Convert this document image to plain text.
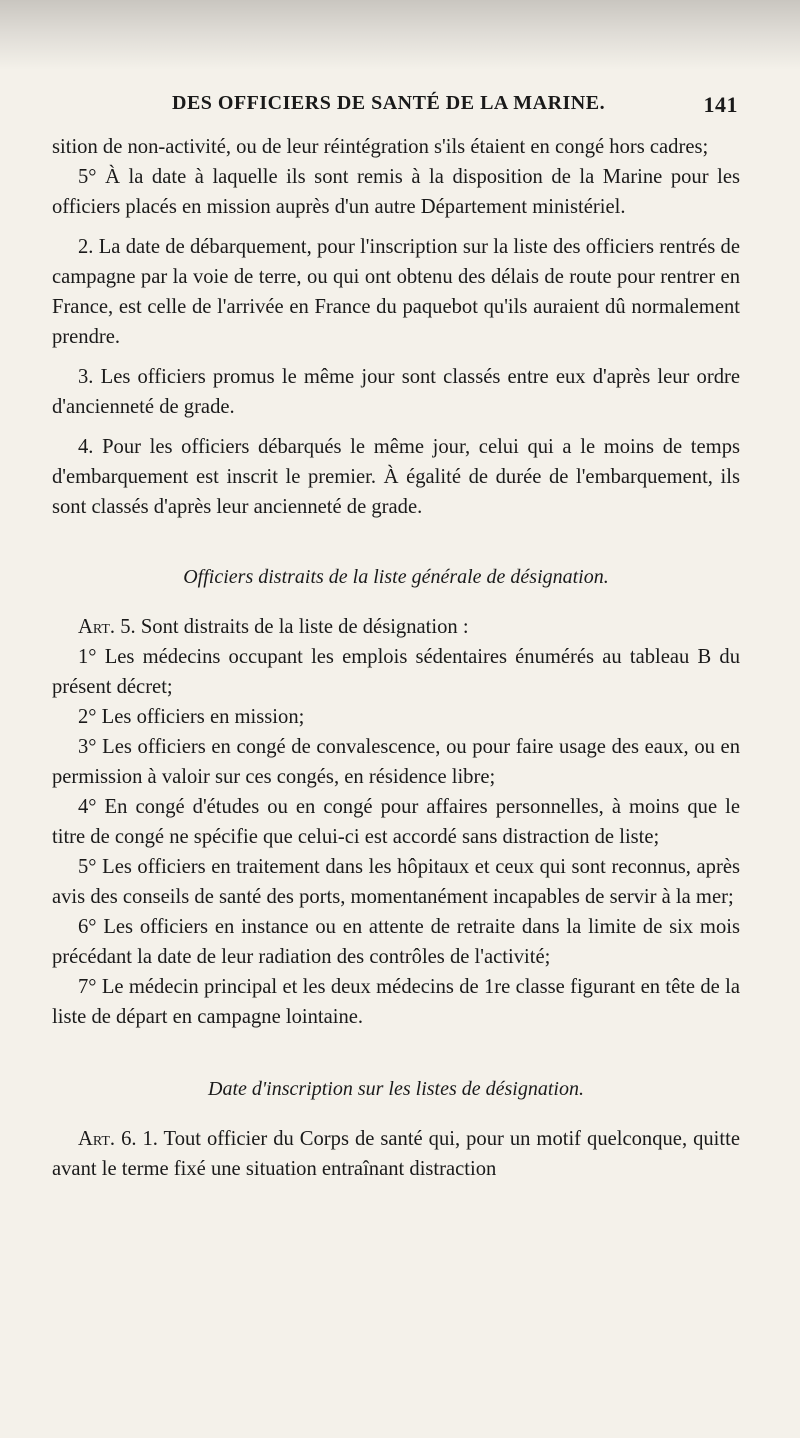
DES OFFICIERS DE SANTÉ DE LA MARINE.	141

sition de non-activité, ou de leur réintégration s'ils étaient en congé hors cadres;

5° À la date à laquelle ils sont remis à la disposition de la Marine pour les officiers placés en mission auprès d'un autre Département ministériel.

2. La date de débarquement, pour l'inscription sur la liste des officiers rentrés de campagne par la voie de terre, ou qui ont obtenu des délais de route pour rentrer en France, est celle de l'arrivée en France du paquebot qu'ils auraient dû normalement prendre.

3. Les officiers promus le même jour sont classés entre eux d'après leur ordre d'ancienneté de grade.

4. Pour les officiers débarqués le même jour, celui qui a le moins de temps d'embarquement est inscrit le premier. À égalité de durée de l'embarquement, ils sont classés d'après leur ancienneté de grade.

Officiers distraits de la liste générale de désignation.

Art. 5. Sont distraits de la liste de désignation :

1° Les médecins occupant les emplois sédentaires énumérés au tableau B du présent décret;

2° Les officiers en mission;

3° Les officiers en congé de convalescence, ou pour faire usage des eaux, ou en permission à valoir sur ces congés, en résidence libre;

4° En congé d'études ou en congé pour affaires personnelles, à moins que le titre de congé ne spécifie que celui-ci est accordé sans distraction de liste;

5° Les officiers en traitement dans les hôpitaux et ceux qui sont reconnus, après avis des conseils de santé des ports, momentanément incapables de servir à la mer;

6° Les officiers en instance ou en attente de retraite dans la limite de six mois précédant la date de leur radiation des contrôles de l'activité;

7° Le médecin principal et les deux médecins de 1re classe figurant en tête de la liste de départ en campagne lointaine.

Date d'inscription sur les listes de désignation.

Art. 6. 1. Tout officier du Corps de santé qui, pour un motif quelconque, quitte avant le terme fixé une situation entraînant distraction
